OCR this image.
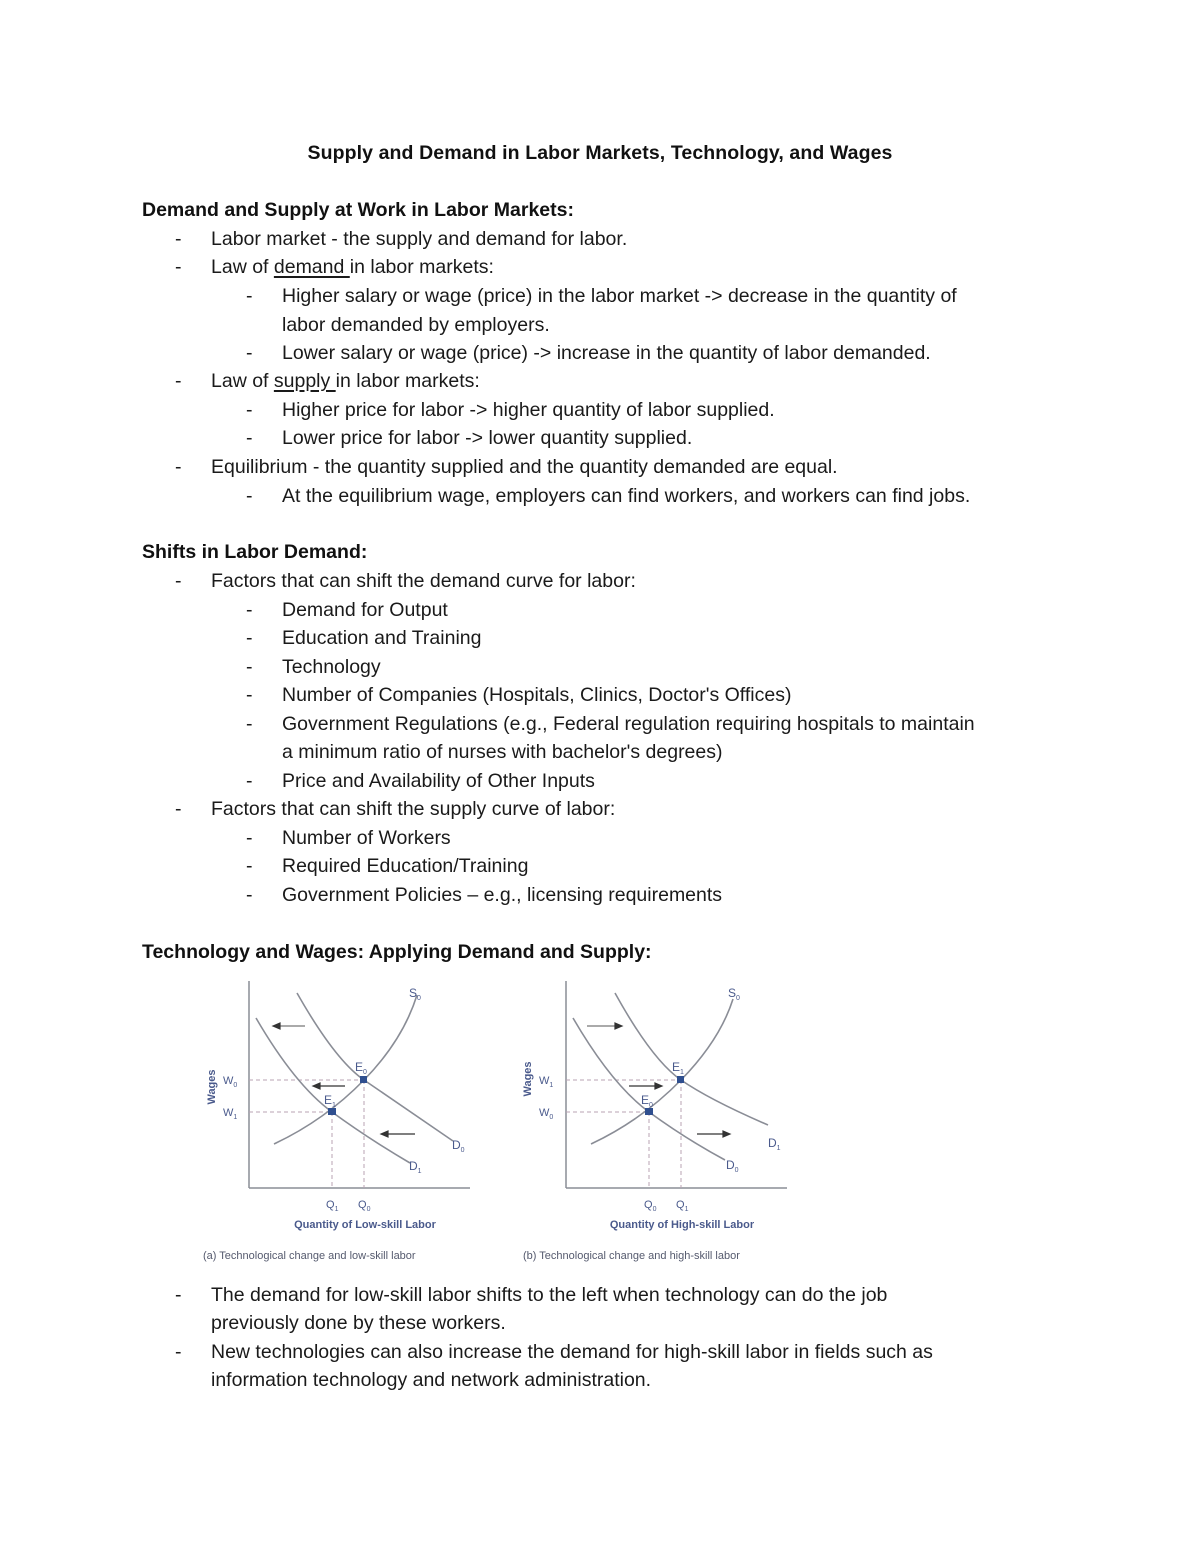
Supply and Demand in Labor Markets, Technology, and Wages
Demand and Supply at Work in Labor Markets:
- Labor market - the supply and demand for labor.
- Law of demand in labor markets:
- Higher salary or wage (price) in the labor market -> decrease in the quantity of
labor demanded by employers.
- Lower salary or wage (price) -> increase in the quantity of labor demanded.
- Law of supply in labor markets:
- Higher price for labor -> higher quantity of labor supplied.
- Lower price for labor -> lower quantity supplied.
- Equilibrium - the quantity supplied and the quantity demanded are equal.
- At the equilibrium wage, employers can find workers, and workers can find jobs.
Shifts in Labor Demand:
- Factors that can shift the demand curve for labor:
- Demand for Output
- Education and Training
- Technology
- Number of Companies (Hospitals, Clinics, Doctor's Offices)
- Government Regulations (e.g., Federal regulation requiring hospitals to maintain
a minimum ratio of nurses with bachelor's degrees)
- Price and Availability of Other Inputs
- Factors that can shift the supply curve of labor:
- Number of Workers
- Required Education/Training
- Government Policies – e.g., licensing requirements
Technology and Wages: Applying Demand and Supply:
$S_0$
$D_0$
$D_1$
$E_0$
$E_1$
$W_0$
$W_1$
$Q_1$ $Q_0$
Wages
Quantity of Low-skill Labor
(a) Technological change and low-skill labor
$S_0$
$D_1$
$D_0$
$E_1$
$E_0$
$W_1$
$W_0$
$Q_0$ $Q_1$
Wages
Quantity of High-skill Labor
(b) Technological change and high-skill labor
- The demand for low-skill labor shifts to the left when technology can do the job
previously done by these workers.
- New technologies can also increase the demand for high-skill labor in fields such as
information technology and network administration.
